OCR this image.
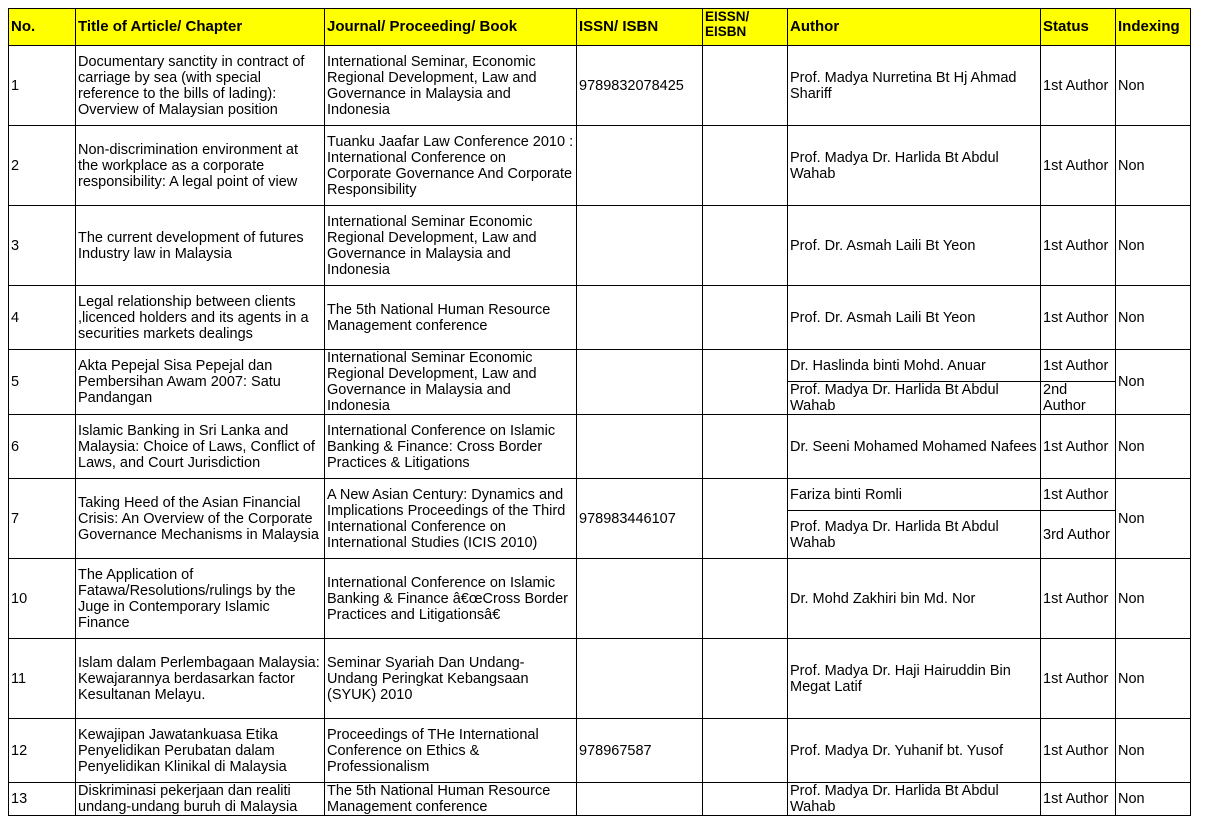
No.	Title of Article/ Chapter	Journal/ Proceeding/ Book	ISSN/ ISBN	EISSN/ EISBN	Author	Status	Indexing
1	Documentary sanctity in contract of carriage by sea (with special reference to the bills of lading): Overview of Malaysian position	International Seminar, Economic Regional Development, Law and Governance in Malaysia and Indonesia	9789832078425		Prof. Madya Nurretina Bt Hj Ahmad Shariff	1st Author	Non
2	Non-discrimination environment at the workplace as a corporate responsibility: A legal point of view	Tuanku Jaafar Law Conference 2010 : International Conference on Corporate Governance And Corporate Responsibility			Prof. Madya Dr. Harlida Bt Abdul Wahab	1st Author	Non
3	The current development of futures Industry law in Malaysia	International Seminar Economic Regional Development, Law and Governance in Malaysia and Indonesia			Prof. Dr. Asmah Laili Bt Yeon	1st Author	Non
4	Legal relationship between clients ,licenced holders and its agents in a securities markets dealings	The 5th National Human Resource Management conference			Prof. Dr. Asmah Laili Bt Yeon	1st Author	Non
5	Akta Pepejal Sisa Pepejal dan Pembersihan Awam 2007: Satu Pandangan	International Seminar Economic Regional Development, Law and Governance in Malaysia and Indonesia			Dr. Haslinda binti Mohd. Anuar	1st Author	Non
					Prof. Madya Dr. Harlida Bt Abdul Wahab	2nd Author	
6	Islamic Banking in Sri Lanka and Malaysia: Choice of Laws, Conflict of Laws, and Court Jurisdiction	International Conference on Islamic Banking & Finance: Cross Border Practices & Litigations			Dr. Seeni Mohamed Mohamed Nafees	1st Author	Non
7	Taking Heed of the Asian Financial Crisis: An Overview of the Corporate Governance Mechanisms in Malaysia	A New Asian Century: Dynamics and Implications Proceedings of the Third International Conference on International Studies (ICIS 2010)	978983446107		Fariza binti Romli	1st Author	Non
					Prof. Madya Dr. Harlida Bt Abdul Wahab	3rd Author	
10	The Application of Fatawa/Resolutions/rulings by the Juge in Contemporary Islamic Finance	International Conference on Islamic Banking & Finance â€œCross Border Practices and Litigationsâ€			Dr. Mohd Zakhiri bin Md. Nor	1st Author	Non
11	Islam dalam Perlembagaan Malaysia: Kewajarannya berdasarkan factor Kesultanan Melayu.	Seminar Syariah Dan Undang-Undang Peringkat Kebangsaan (SYUK) 2010			Prof. Madya Dr. Haji Hairuddin Bin Megat Latif	1st Author	Non
12	Kewajipan Jawatankuasa Etika Penyelidikan Perubatan dalam Penyelidikan Klinikal di Malaysia	Proceedings of THe International Conference on Ethics & Professionalism	978967587		Prof. Madya Dr. Yuhanif bt. Yusof	1st Author	Non
13	Diskriminasi pekerjaan dan realiti undang-undang buruh di Malaysia	The 5th National Human Resource Management conference			Prof. Madya Dr. Harlida Bt Abdul Wahab	1st Author	Non
